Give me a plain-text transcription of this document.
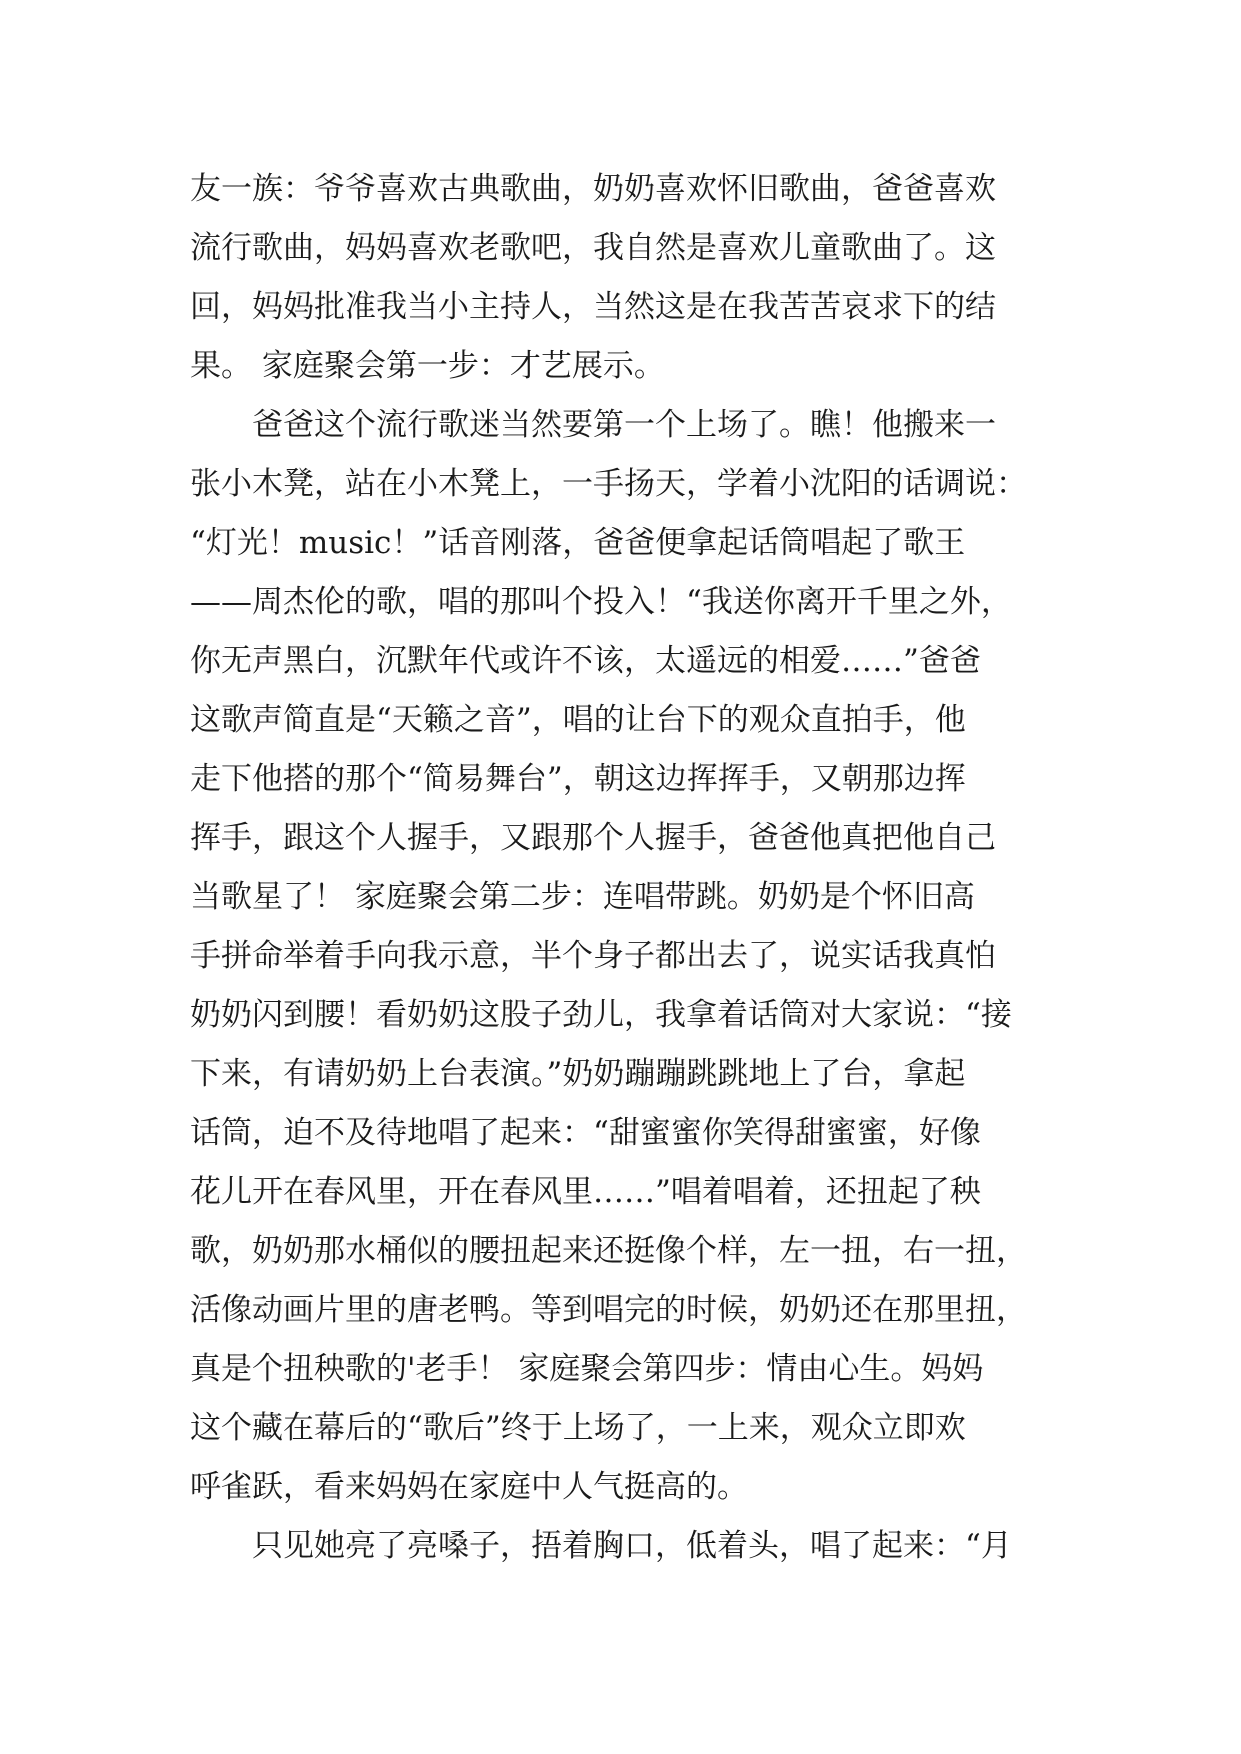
友一族：爷爷喜欢古典歌曲，奶奶喜欢怀旧歌曲，爸爸喜欢
流行歌曲，妈妈喜欢老歌吧，我自然是喜欢儿童歌曲了。这
回，妈妈批准我当小主持人，当然这是在我苦苦哀求下的结
果。 家庭聚会第一步：才艺展示。
　　爸爸这个流行歌迷当然要第一个上场了。瞧！他搬来一
张小木凳，站在小木凳上，一手扬天，学着小沈阳的话调说：
“灯光！music！”话音刚落，爸爸便拿起话筒唱起了歌王
——周杰伦的歌，唱的那叫个投入！“我送你离开千里之外，
你无声黑白，沉默年代或许不该，太遥远的相爱……”爸爸
这歌声简直是“天籁之音”，唱的让台下的观众直拍手，他
走下他搭的那个“简易舞台”，朝这边挥挥手，又朝那边挥
挥手，跟这个人握手，又跟那个人握手，爸爸他真把他自己
当歌星了！ 家庭聚会第二步：连唱带跳。奶奶是个怀旧高
手拼命举着手向我示意，半个身子都出去了，说实话我真怕
奶奶闪到腰！看奶奶这股子劲儿，我拿着话筒对大家说：“接
下来，有请奶奶上台表演。”奶奶蹦蹦跳跳地上了台，拿起
话筒，迫不及待地唱了起来：“甜蜜蜜你笑得甜蜜蜜，好像
花儿开在春风里，开在春风里……”唱着唱着，还扭起了秧
歌，奶奶那水桶似的腰扭起来还挺像个样，左一扭，右一扭，
活像动画片里的唐老鸭。等到唱完的时候，奶奶还在那里扭，
真是个扭秧歌的'老手！ 家庭聚会第四步：情由心生。妈妈
这个藏在幕后的“歌后”终于上场了，一上来，观众立即欢
呼雀跃，看来妈妈在家庭中人气挺高的。
　　只见她亮了亮嗓子，捂着胸口，低着头，唱了起来：“月
